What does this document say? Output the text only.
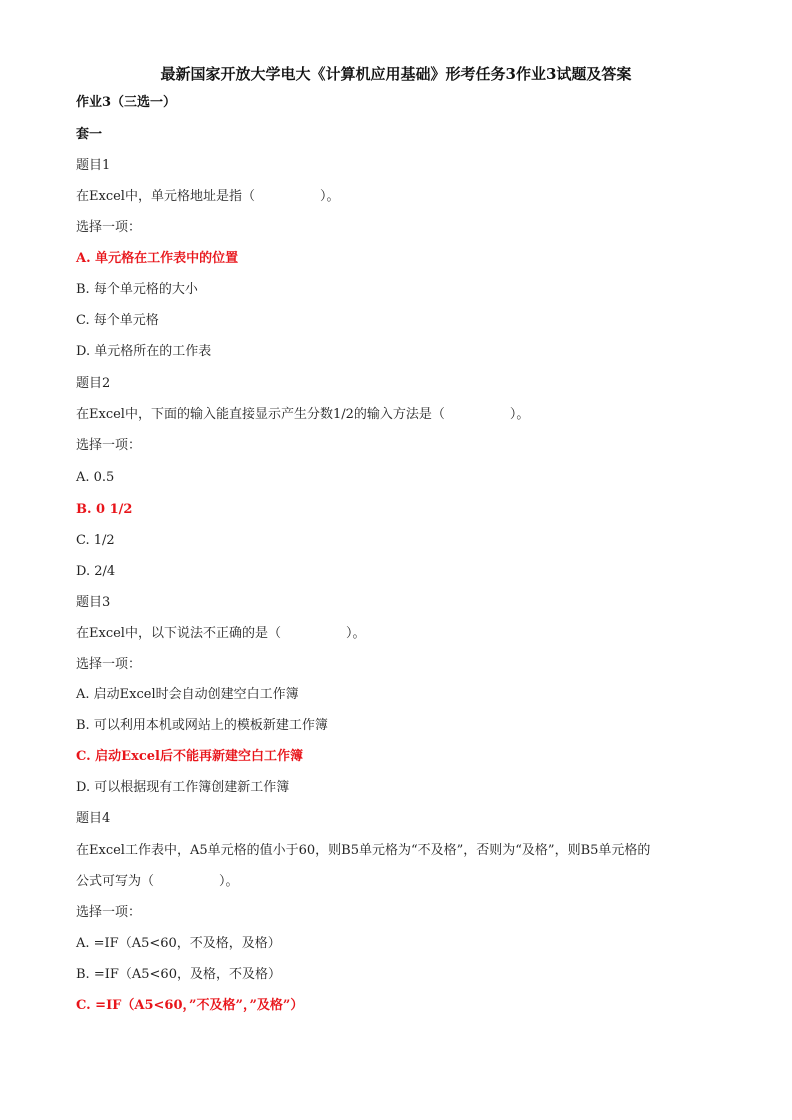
最新国家开放大学电大《计算机应用基础》形考任务3作业3试题及答案
作业3（三选一）
套一
题目1
在Excel中，单元格地址是指（　　　　　）。
选择一项：
A. 单元格在工作表中的位置
B. 每个单元格的大小
C. 每个单元格
D. 单元格所在的工作表
题目2
在Excel中，下面的输入能直接显示产生分数1/2的输入方法是（　　　　　）。
选择一项：
A. 0.5
B. 0 1/2
C. 1/2
D. 2/4
题目3
在Excel中，以下说法不正确的是（　　　　　）。
选择一项：
A. 启动Excel时会自动创建空白工作簿
B. 可以利用本机或网站上的模板新建工作簿
C. 启动Excel后不能再新建空白工作簿
D. 可以根据现有工作簿创建新工作簿
题目4
在Excel工作表中，A5单元格的值小于60，则B5单元格为“不及格”，否则为“及格”，则B5单元格的
公式可写为（　　　　　）。
选择一项：
A. =IF（A5<60，不及格，及格）
B. =IF（A5<60，及格，不及格）
C. =IF（A5<60，”不及格”，”及格”）
